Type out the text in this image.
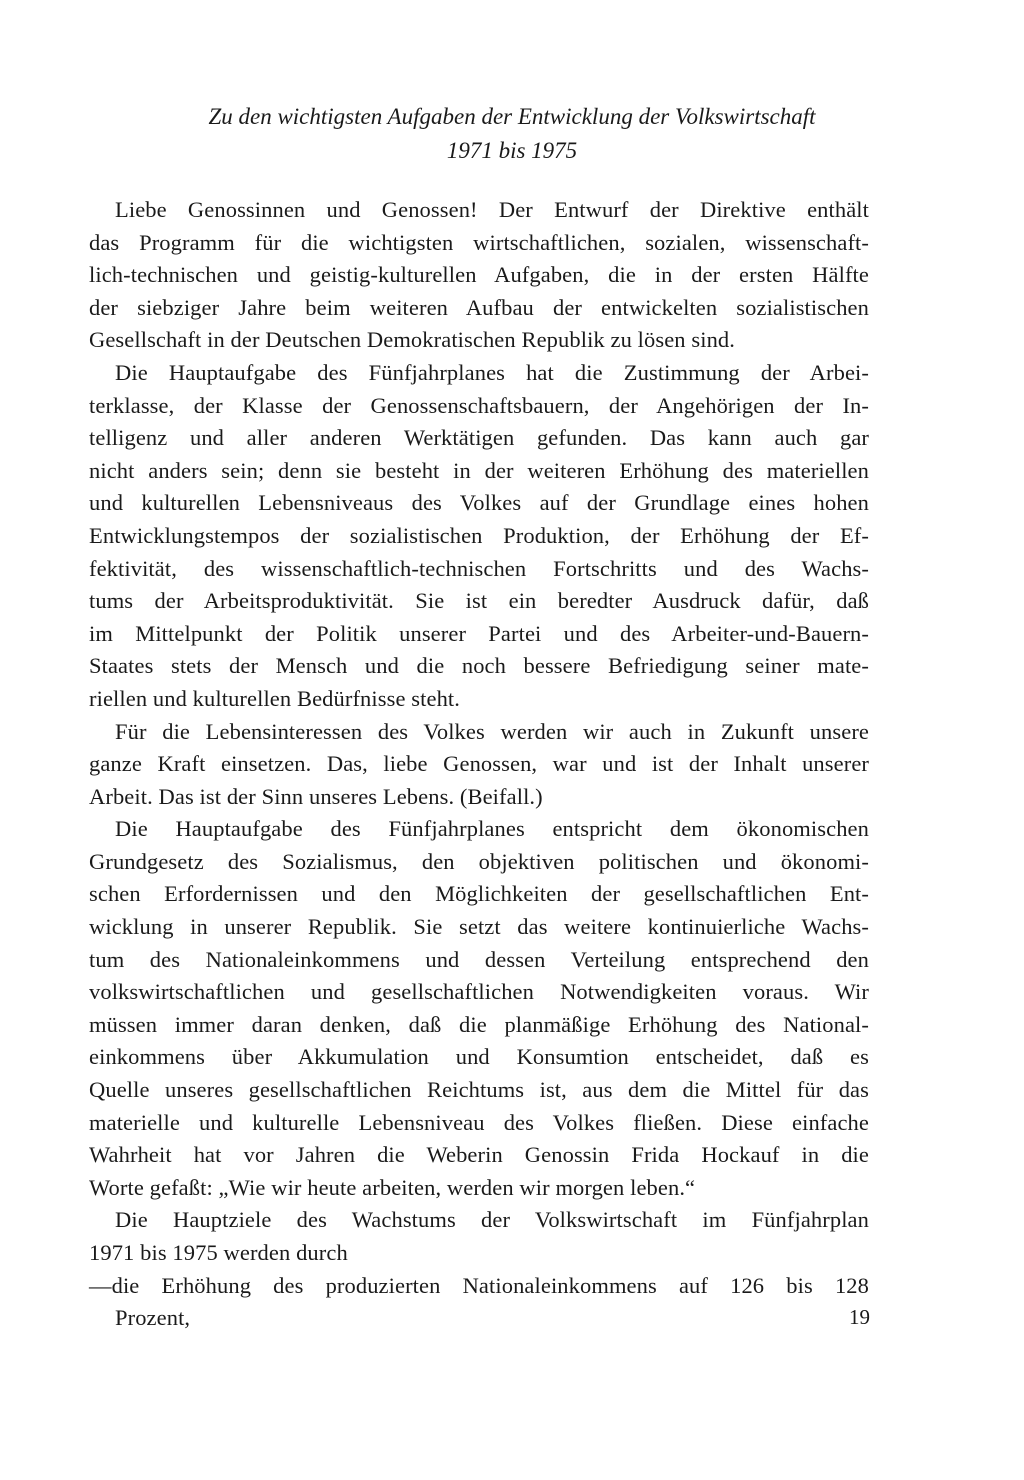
Zu den wichtigsten Aufgaben der Entwicklung der Volkswirtschaft
1971 bis 1975
Liebe Genossinnen und Genossen! Der Entwurf der Direktive enthält
das Programm für die wichtigsten wirtschaftlichen, sozialen, wissenschaft-
lich-technischen und geistig-kulturellen Aufgaben, die in der ersten Hälfte
der siebziger Jahre beim weiteren Aufbau der entwickelten sozialistischen
Gesellschaft in der Deutschen Demokratischen Republik zu lösen sind.
Die Hauptaufgabe des Fünfjahrplanes hat die Zustimmung der Arbei-
terklasse, der Klasse der Genossenschaftsbauern, der Angehörigen der In-
telligenz und aller anderen Werktätigen gefunden. Das kann auch gar
nicht anders sein; denn sie besteht in der weiteren Erhöhung des materiellen
und kulturellen Lebensniveaus des Volkes auf der Grundlage eines hohen
Entwicklungstempos der sozialistischen Produktion, der Erhöhung der Ef-
fektivität, des wissenschaftlich-technischen Fortschritts und des Wachs-
tums der Arbeitsproduktivität. Sie ist ein beredter Ausdruck dafür, daß
im Mittelpunkt der Politik unserer Partei und des Arbeiter-und-Bauern-
Staates stets der Mensch und die noch bessere Befriedigung seiner mate-
riellen und kulturellen Bedürfnisse steht.
Für die Lebensinteressen des Volkes werden wir auch in Zukunft unsere
ganze Kraft einsetzen. Das, liebe Genossen, war und ist der Inhalt unserer
Arbeit. Das ist der Sinn unseres Lebens. (Beifall.)
Die Hauptaufgabe des Fünfjahrplanes entspricht dem ökonomischen
Grundgesetz des Sozialismus, den objektiven politischen und ökonomi-
schen Erfordernissen und den Möglichkeiten der gesellschaftlichen Ent-
wicklung in unserer Republik. Sie setzt das weitere kontinuierliche Wachs-
tum des Nationaleinkommens und dessen Verteilung entsprechend den
volkswirtschaftlichen und gesellschaftlichen Notwendigkeiten voraus. Wir
müssen immer daran denken, daß die planmäßige Erhöhung des National-
einkommens über Akkumulation und Konsumtion entscheidet, daß es
Quelle unseres gesellschaftlichen Reichtums ist, aus dem die Mittel für das
materielle und kulturelle Lebensniveau des Volkes fließen. Diese einfache
Wahrheit hat vor Jahren die Weberin Genossin Frida Hockauf in die
Worte gefaßt: „Wie wir heute arbeiten, werden wir morgen leben.“
Die Hauptziele des Wachstums der Volkswirtschaft im Fünfjahrplan
1971 bis 1975 werden durch
—die Erhöhung des produzierten Nationaleinkommens auf 126 bis 128
Prozent,	19
